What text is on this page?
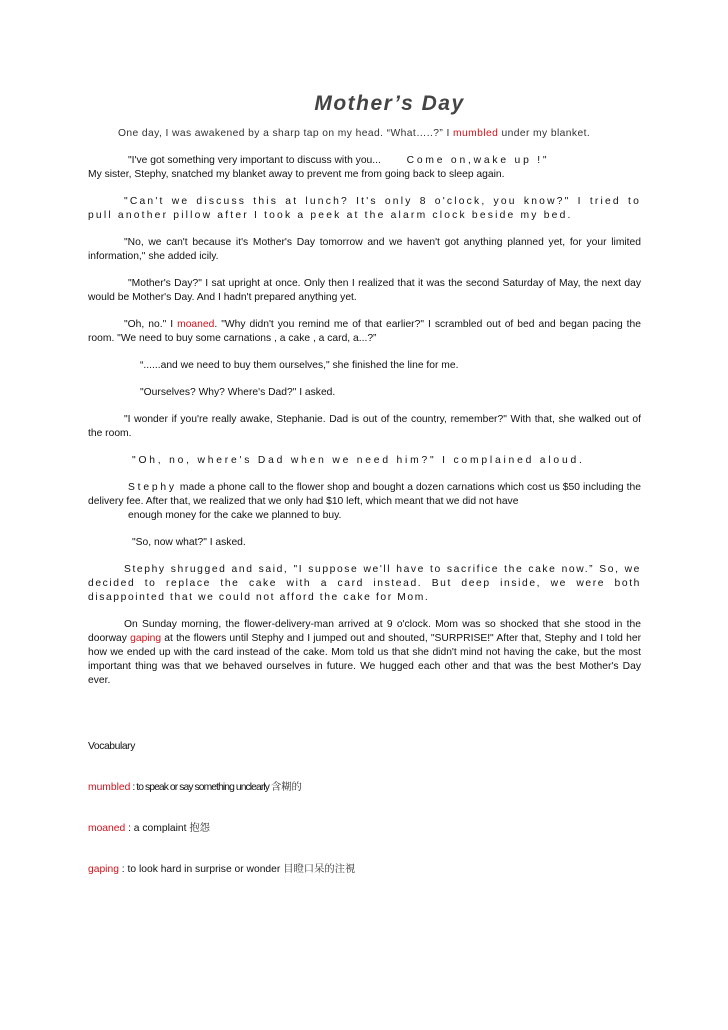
Mother’s Day

One day, I was awakened by a sharp tap on my head. “What…..?” I mumbled under my blanket.

"I've got something very important to discuss with you...	Come on,wake up !"
My sister, Stephy, snatched my blanket away to prevent me from going back to sleep again.

"Can't we discuss this at lunch? It's only 8 o'clock, you know?" I tried to pull another pillow after I took a peek at the alarm clock beside my bed.

"No, we can't because it's Mother's Day tomorrow and we haven't got anything planned yet, for your limited information," she added icily.

"Mother's Day?" I sat upright at once. Only then I realized that it was the second Saturday of May, the next day would be Mother's Day. And I hadn't prepared anything yet.

"Oh, no." I moaned. "Why didn't you remind me of that earlier?" I scrambled out of bed and began pacing the room. "We need to buy some carnations , a cake , a card, a...?”

“......and we need to buy them ourselves," she finished the line for me.

"Ourselves? Why? Where's Dad?" I asked.

"I wonder if you're really awake, Stephanie. Dad is out of the country, remember?" With that, she walked out of the room.

"Oh, no, where's Dad when we need him?" I complained aloud.

Stephy made a phone call to the flower shop and bought a dozen carnations which cost us $50 including the delivery fee. After that, we realized that we only had $10 left, which meant that we did not have
enough money for the cake we planned to buy.

"So, now what?" I asked.

Stephy shrugged and said, "I suppose we'll have to sacrifice the cake now.” So, we decided to replace the cake with a card instead. But deep inside, we were both disappointed that we could not afford the cake for Mom.

On Sunday morning, the flower-delivery-man arrived at 9 o'clock. Mom was so shocked that she stood in the doorway gaping at the flowers until Stephy and I jumped out and shouted, "SURPRISE!" After that, Stephy and I told her how we ended up with the card instead of the cake. Mom told us that she didn't mind not having the cake, but the most important thing was that we behaved ourselves in future. We hugged each other and that was the best Mother's Day ever.

Vocabulary

mumbled : to speak or say something unclearly 含糊的

moaned : a complaint 抱怨

gaping : to look hard in surprise or wonder 目瞪口呆的注視
